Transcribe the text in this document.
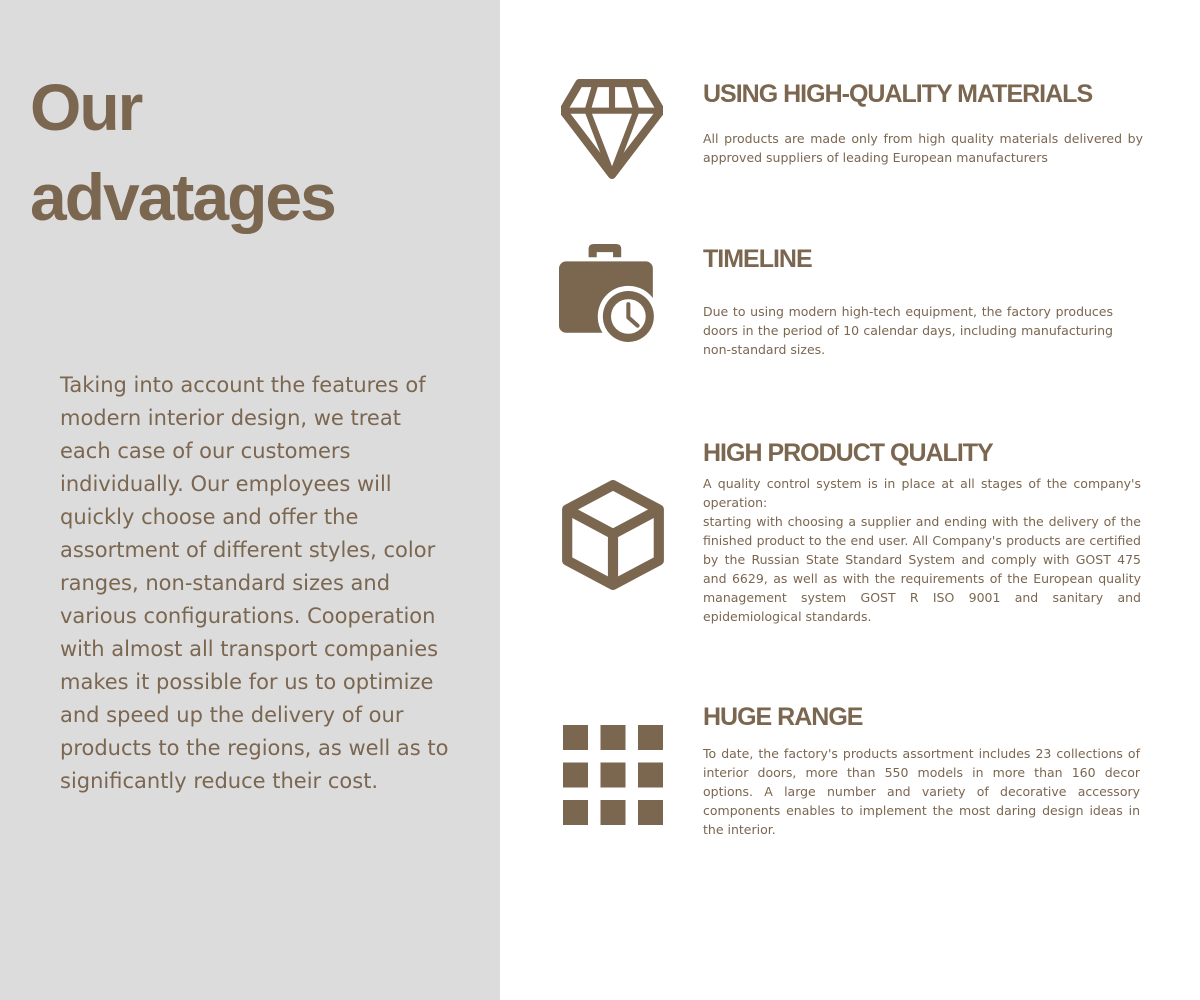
Our
advatages

Taking into account the features of modern interior design, we treat each case of our customers individually. Our employees will quickly choose and offer the assortment of different styles, color ranges, non-standard sizes and various configurations. Cooperation with almost all transport companies makes it possible for us to optimize and speed up the delivery of our products to the regions, as well as to significantly reduce their cost.

USING HIGH-QUALITY MATERIALS

All products are made only from high quality materials delivered by approved suppliers of leading European manufacturers

TIMELINE

Due to using modern high-tech equipment, the factory produces doors in the period of 10 calendar days, including manufacturing non-standard sizes.

HIGH PRODUCT QUALITY

A quality control system is in place at all stages of the company's operation:
starting with choosing a supplier and ending with the delivery of the finished product to the end user. All Company's products are certified by the Russian State Standard System and comply with GOST 475 and 6629, as well as with the requirements of the European quality management system GOST R ISO 9001 and sanitary and epidemiological standards.

HUGE RANGE

To date, the factory's products assortment includes 23 collections of interior doors, more than 550 models in more than 160 decor options. A large number and variety of decorative accessory components enables to implement the most daring design ideas in the interior.
